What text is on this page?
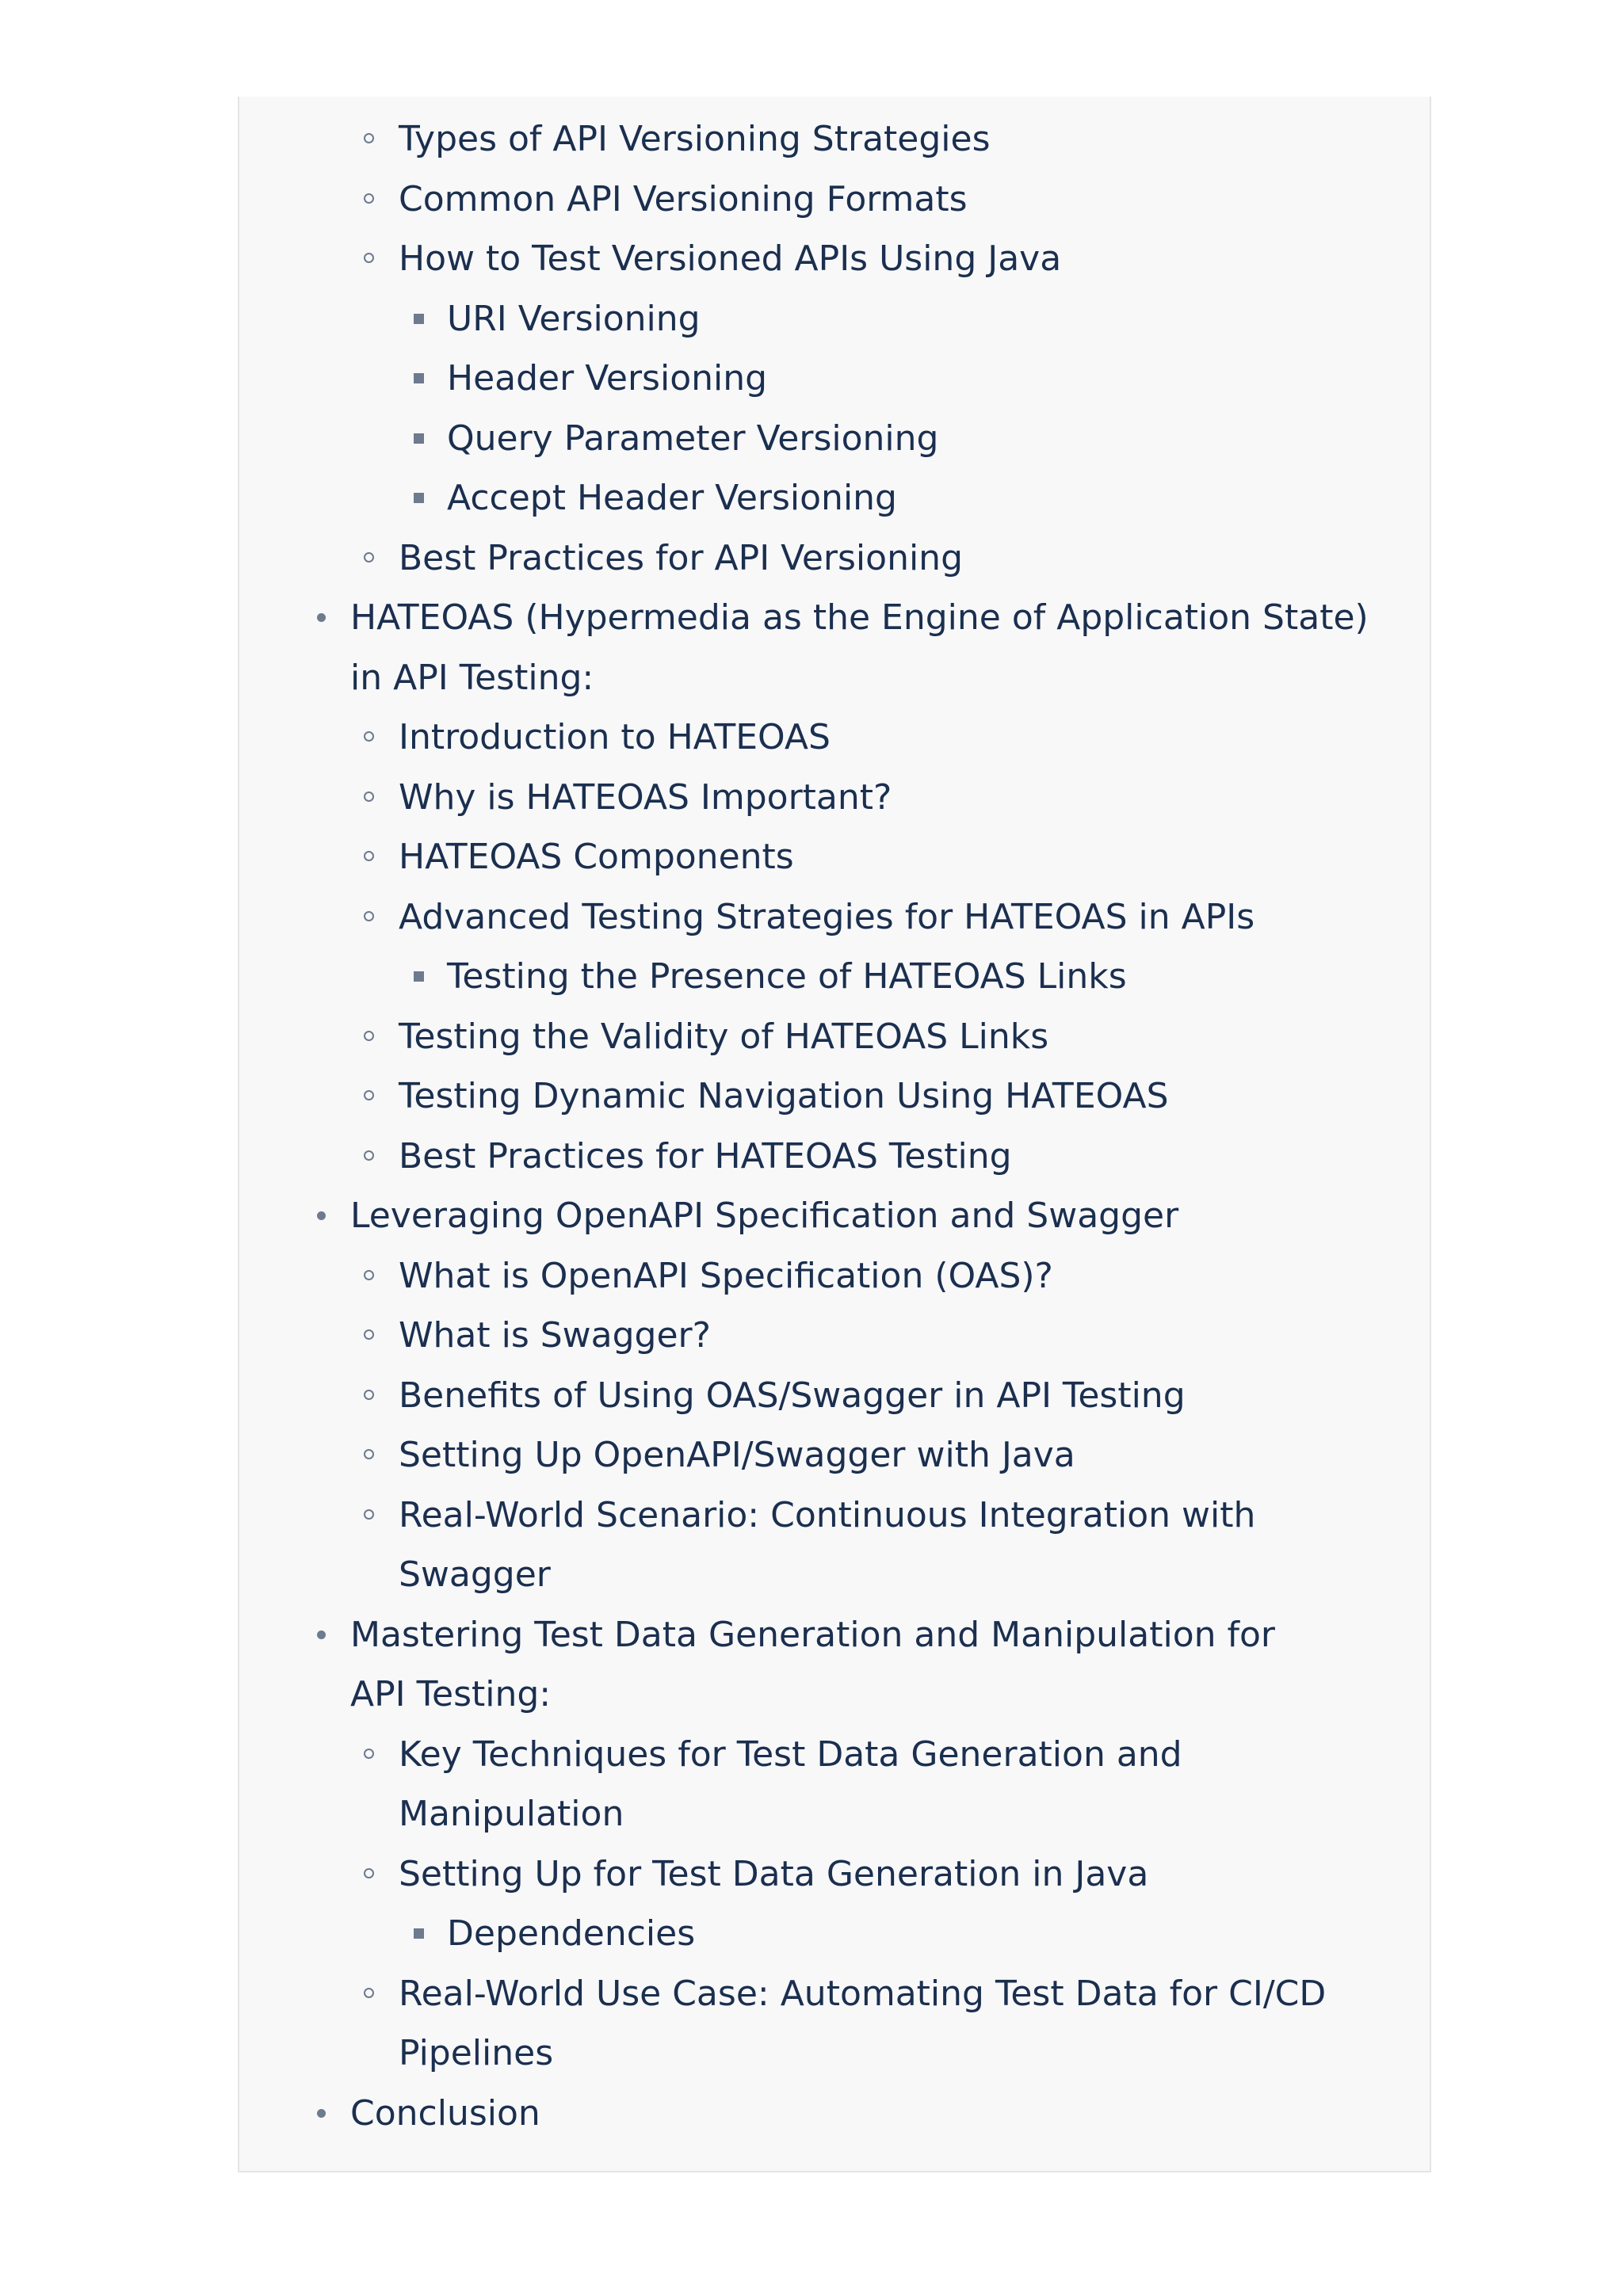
Types of API Versioning Strategies
Common API Versioning Formats
How to Test Versioned APIs Using Java
URI Versioning
Header Versioning
Query Parameter Versioning
Accept Header Versioning
Best Practices for API Versioning
HATEOAS (Hypermedia as the Engine of Application State) in API Testing:
Introduction to HATEOAS
Why is HATEOAS Important?
HATEOAS Components
Advanced Testing Strategies for HATEOAS in APIs
Testing the Presence of HATEOAS Links
Testing the Validity of HATEOAS Links
Testing Dynamic Navigation Using HATEOAS
Best Practices for HATEOAS Testing
Leveraging OpenAPI Specification and Swagger
What is OpenAPI Specification (OAS)?
What is Swagger?
Benefits of Using OAS/Swagger in API Testing
Setting Up OpenAPI/Swagger with Java
Real-World Scenario: Continuous Integration with Swagger
Mastering Test Data Generation and Manipulation for API Testing:
Key Techniques for Test Data Generation and Manipulation
Setting Up for Test Data Generation in Java
Dependencies
Real-World Use Case: Automating Test Data for CI/CD Pipelines
Conclusion
